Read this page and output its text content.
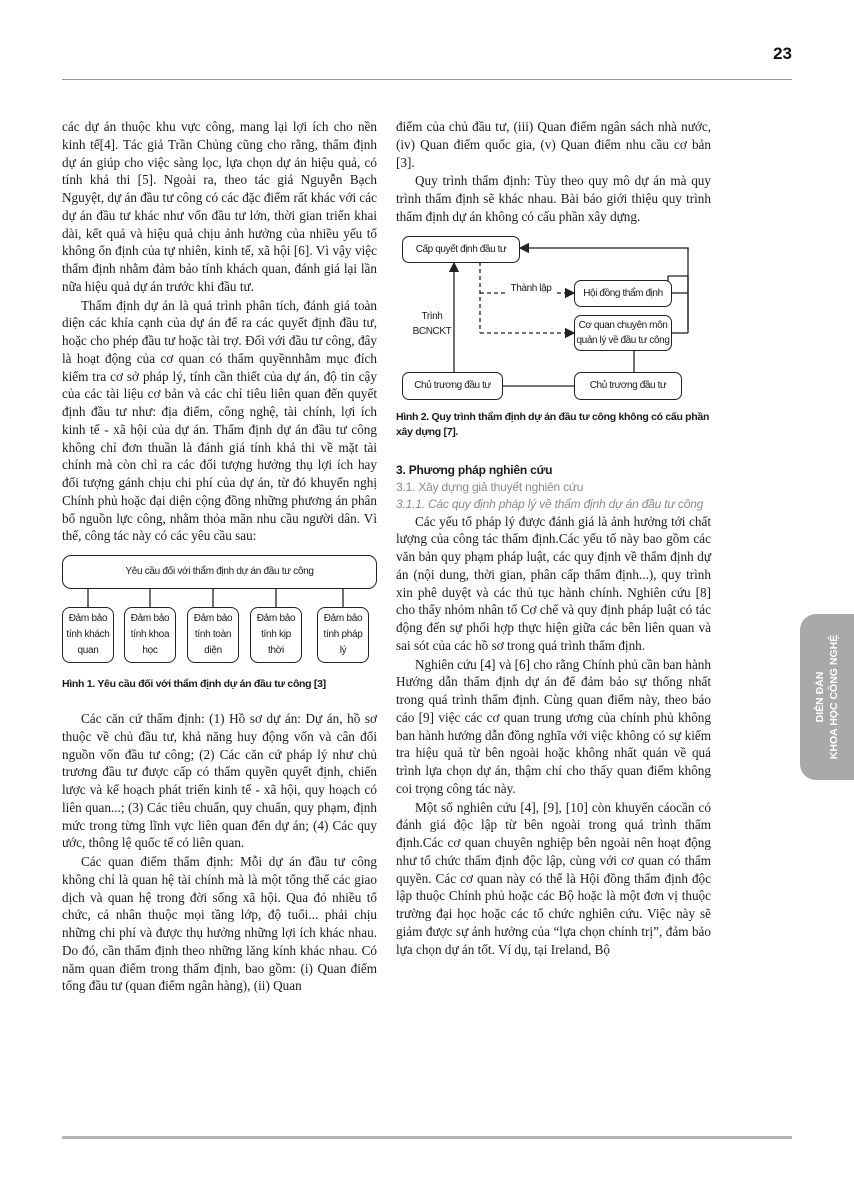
23

các dự án thuộc khu vực công, mang lại lợi ích cho nền kinh tế[4]. Tác giả Trần Chủng cũng cho rằng, thẩm định dự án giúp cho việc sàng lọc, lựa chọn dự án hiệu quả, có tính khả thi [5]. Ngoài ra, theo tác giả Nguyễn Bạch Nguyệt, dự án đầu tư công có các đặc điểm rất khác với các dự án đầu tư khác như vốn đầu tư lớn, thời gian triển khai dài, kết quả và hiệu quả chịu ảnh hưởng của nhiều yếu tố không ổn định của tự nhiên, kinh tế, xã hội [6]. Vì vậy việc thẩm định nhằm đảm bảo tính khách quan, đánh giá lại lần nữa hiệu quả dự án trước khi đầu tư.

Thẩm định dự án là quá trình phân tích, đánh giá toàn diện các khía cạnh của dự án để ra các quyết định đầu tư, hoặc cho phép đầu tư hoặc tài trợ. Đối với đầu tư công, đây là hoạt động của cơ quan có thẩm quyềnnhằm mục đích kiểm tra cơ sở pháp lý, tính cần thiết của dự án, độ tin cậy của các tài liệu cơ bản và các chỉ tiêu liên quan đến quyết định đầu tư như: địa điểm, công nghệ, tài chính, lợi ích kinh tế - xã hội của dự án. Thẩm định dự án đầu tư công không chỉ đơn thuần là đánh giá tính khả thi về mặt tài chính mà còn chỉ ra các đối tượng hưởng thụ lợi ích hay đối tượng gánh chịu chi phí của dự án, từ đó khuyến nghị Chính phủ hoặc đại diện cộng đồng những phương án phân bổ nguồn lực công, nhằm thỏa mãn nhu cầu người dân. Vì thế, công tác này có các yêu cầu sau:

Yêu cầu đối với thẩm định dự án đầu tư công
Đảm bảo tính khách quan
Đảm bảo tính khoa học
Đảm bảo tính toàn diện
Đảm bảo tính kịp thời
Đảm bảo tính pháp lý
Hình 1. Yêu cầu đối với thẩm định dự án đầu tư công [3]

Các căn cứ thẩm định: (1) Hồ sơ dự án: Dự án, hồ sơ thuộc về chủ đầu tư, khả năng huy động vốn và cân đối nguồn vốn đầu tư công; (2) Các căn cứ pháp lý như chủ trương đầu tư được cấp có thẩm quyền quyết định, chiến lược và kế hoạch phát triển kinh tế - xã hội, quy hoạch có liên quan...; (3) Các tiêu chuẩn, quy chuẩn, quy phạm, định mức trong từng lĩnh vực liên quan đến dự án; (4) Các quy ước, thông lệ quốc tế có liên quan.

Các quan điểm thẩm định: Mỗi dự án đầu tư công không chỉ là quan hệ tài chính mà là một tổng thể các giao dịch và quan hệ trong đời sống xã hội. Qua đó nhiều tổ chức, cá nhân thuộc mọi tầng lớp, độ tuổi... phải chịu những chi phí và được thụ hưởng những lợi ích khác nhau. Do đó, cần thẩm định theo những lăng kính khác nhau. Có năm quan điểm trong thẩm định, bao gồm: (i) Quan điểm tổng đầu tư (quan điểm ngân hàng), (ii) Quan

điểm của chủ đầu tư, (iii) Quan điểm ngân sách nhà nước, (iv) Quan điểm quốc gia, (v) Quan điểm nhu cầu cơ bản [3].

Quy trình thẩm định: Tùy theo quy mô dự án mà quy trình thẩm định sẽ khác nhau. Bài báo giới thiệu quy trình thẩm định dự án không có cấu phần xây dựng.

Cấp quyết định đầu tư
Hội đồng thẩm định
Cơ quan chuyên môn quản lý về đầu tư công
Chủ trương đầu tư	Chủ trương đầu tư
Thành lập
Trình BCNCKT
Hình 2. Quy trình thẩm định dự án đầu tư công không có cấu phần xây dựng [7].
3. Phương pháp nghiên cứu
3.1. Xây dựng giả thuyết nghiên cứu
3.1.1. Các quy định pháp lý về thẩm định dự án đầu tư công

Các yếu tố pháp lý được đánh giá là ảnh hưởng tới chất lượng của công tác thẩm định.Các yếu tố này bao gồm các văn bản quy phạm pháp luật, các quy định về thẩm định dự án (nội dung, thời gian, phân cấp thẩm định...), quy trình xin phê duyệt và các thủ tục hành chính. Nghiên cứu [8] cho thấy nhóm nhân tố Cơ chế và quy định pháp luật có tác động đến sự phối hợp thực hiện giữa các bên liên quan và sai sót của các hồ sơ trong quá trình thẩm định.

Nghiên cứu [4] và [6] cho rằng Chính phủ cần ban hành Hướng dẫn thẩm định dự án để đảm bảo sự thống nhất trong quá trình thẩm định. Cùng quan điểm này, theo báo cáo [9] việc các cơ quan trung ương của chính phủ không ban hành hướng dẫn đồng nghĩa với việc không có sự kiểm tra hiệu quả từ bên ngoài hoặc không nhất quán về quá trình lựa chọn dự án, thậm chí cho thấy quan điểm không coi trọng công tác này.

Một số nghiên cứu [4], [9], [10] còn khuyến cáocần có đánh giá độc lập từ bên ngoài trong quá trình thẩm định.Các cơ quan chuyên nghiệp bên ngoài nên hoạt động như tổ chức thẩm định độc lập, cùng với cơ quan có thẩm quyền. Các cơ quan này có thể là Hội đồng thẩm định độc lập thuộc Chính phủ hoặc các Bộ hoặc là một đơn vị thuộc trường đại học hoặc các tổ chức nghiên cứu. Việc này sẽ giảm được sự ảnh hưởng của “lựa chọn chính trị”, đảm bảo lựa chọn dự án tốt. Ví dụ, tại Ireland, Bộ

DIỄN ĐÀN KHOA HỌC CÔNG NGHỆ
